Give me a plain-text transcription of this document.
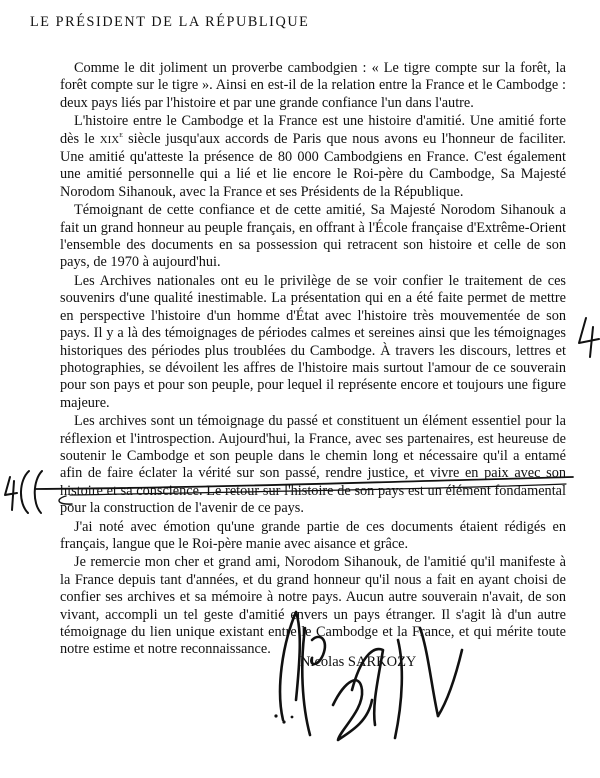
LE PRÉSIDENT DE LA RÉPUBLIQUE

Comme le dit joliment un proverbe cambodgien : « Le tigre compte sur la forêt, la forêt compte sur le tigre ». Ainsi en est-il de la relation entre la France et le Cambodge : deux pays liés par l'histoire et par une grande confiance l'un dans l'autre.

L'histoire entre le Cambodge et la France est une histoire d'amitié. Une amitié forte dès le XIXe siècle jusqu'aux accords de Paris que nous avons eu l'honneur de faciliter. Une amitié qu'atteste la présence de 80 000 Cambodgiens en France. C'est également une amitié personnelle qui a lié et lie encore le Roi-père du Cambodge, Sa Majesté Norodom Sihanouk, avec la France et ses Présidents de la République.

Témoignant de cette confiance et de cette amitié, Sa Majesté Norodom Sihanouk a fait un grand honneur au peuple français, en offrant à l'École française d'Extrême-Orient l'ensemble des documents en sa possession qui retracent son histoire et celle de son pays, de 1970 à aujourd'hui.

Les Archives nationales ont eu le privilège de se voir confier le traitement de ces souvenirs d'une qualité inestimable. La présentation qui en a été faite permet de mettre en perspective l'histoire d'un homme d'État avec l'histoire très mouvementée de son pays. Il y a là des témoignages de périodes calmes et sereines ainsi que les témoignages historiques des périodes plus troublées du Cambodge. À travers les discours, lettres et photographies, se dévoilent les affres de l'histoire mais surtout l'amour de ce souverain pour son pays et pour son peuple, pour lequel il représente encore et toujours une figure majeure.

Les archives sont un témoignage du passé et constituent un élément essentiel pour la réflexion et l'introspection. Aujourd'hui, la France, avec ses partenaires, est heureuse de soutenir le Cambodge et son peuple dans le chemin long et nécessaire qu'il a entamé afin de faire éclater la vérité sur son passé, rendre justice, et vivre en paix avec son histoire et sa conscience. Le retour sur l'histoire de son pays est un élément fondamental pour la construction de l'avenir de ce pays.

J'ai noté avec émotion qu'une grande partie de ces documents étaient rédigés en français, langue que le Roi-père manie avec aisance et grâce.

Je remercie mon cher et grand ami, Norodom Sihanouk, de l'amitié qu'il manifeste à la France depuis tant d'années, et du grand honneur qu'il nous a fait en ayant choisi de confier ses archives et sa mémoire à notre pays. Aucun autre souverain n'avait, de son vivant, accompli un tel geste d'amitié envers un pays étranger. Il s'agit là d'un autre témoignage du lien unique existant entre le Cambodge et la France, et qui mérite toute notre estime et notre reconnaissance.

Nicolas SARKOZY
